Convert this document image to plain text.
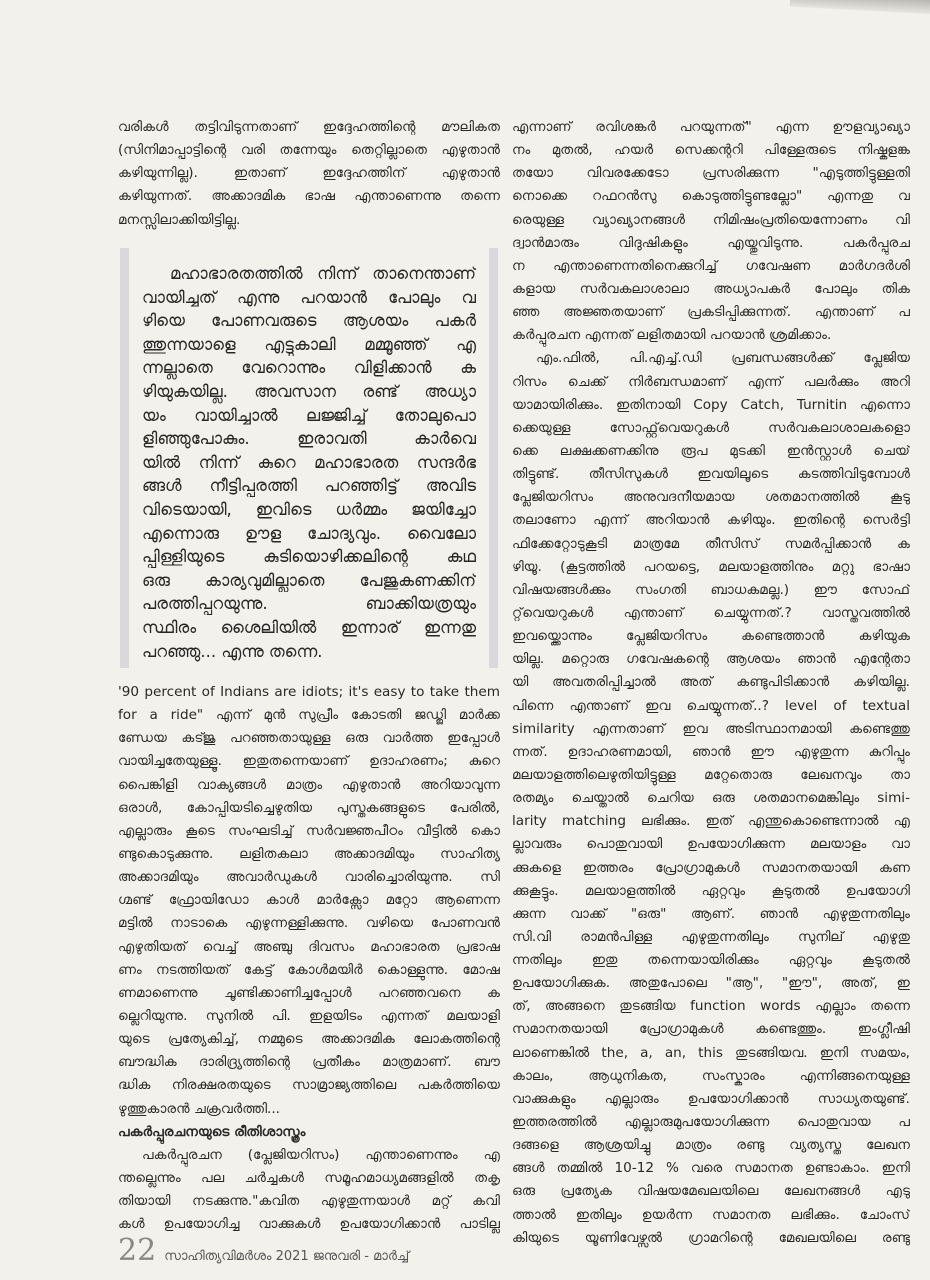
വരികൾ തട്ടിവിടുന്നതാണ് ഇദ്ദേഹത്തിന്റെ മൗലികത
(സിനിമാപ്പാട്ടിന്റെ വരി തന്നേയും തെറ്റില്ലാതെ എഴുതാൻ
കഴിയുന്നില്ല). ഇതാണ് ഇദ്ദേഹത്തിന് എഴുതാൻ
കഴിയുന്നത്. അക്കാദമിക ഭാഷ എന്താണെന്നു തന്നെ
മനസ്സിലാക്കിയിട്ടില്ല.
മഹാഭാരതത്തിൽ നിന്ന് താനെന്താണ്
വായിച്ചത് എന്നു പറയാൻ പോലും വ
ഴിയെ പോണവരുടെ ആശയം പകർ
ത്തുന്നയാളെ എട്ടുകാലി മമ്മൂഞ്ഞ് എ
ന്നല്ലാതെ വേറൊന്നും വിളിക്കാൻ ക
ഴിയുകയില്ല. അവസാന രണ്ട് അധ്യാ
യം വായിച്ചാൽ ലജ്ജിച്ച് തോലുപൊ
ളിഞ്ഞുപോകും. ഇരാവതി കാർവെ
യിൽ നിന്ന് കുറെ മഹാഭാരത സന്ദർഭ
ങ്ങൾ നീട്ടിപ്പരത്തി പറഞ്ഞിട്ട് അവിട
വിടെയായി, ഇവിടെ ധർമ്മം ജയിച്ചോ
എന്നൊരു ഊള ചോദ്യവും. വൈലോ
പ്പിള്ളിയുടെ കുടിയൊഴിക്കലിന്റെ കഥ
ഒരു കാര്യവുമില്ലാതെ പേജുകണക്കിന്
പരത്തിപ്പറയുന്നു. ബാക്കിയത്രയും
സ്ഥിരം ശൈലിയിൽ ഇന്നാര് ഇന്നതു
പറഞ്ഞു... എന്നു തന്നെ.
'90 percent of Indians are idiots; it's easy to take them
for a ride" എന്ന് മുൻ സുപ്രീം കോടതി ജഡ്ജി മാർക്ക
ണ്ഡേയ കട്ജു പറഞ്ഞതായുള്ള ഒരു വാർത്ത ഇപ്പോൾ
വായിച്ചതേയുള്ളൂ. ഇതുതന്നെയാണ് ഉദാഹരണം; കുറെ
പൈങ്കിളി വാക്യങ്ങൾ മാത്രം എഴുതാൻ അറിയാവുന്ന
ഒരാൾ, കോപ്പിയടിച്ചെഴുതിയ പുസ്തകങ്ങളുടെ പേരിൽ,
എല്ലാരും കൂടെ സംഘടിച്ച് സർവജ്ഞപീഠം വീട്ടിൽ കൊ
ണ്ടുകൊടുക്കുന്നു. ലളിതകലാ അക്കാദമിയും സാഹിത്യ
അക്കാദമിയും അവാർഡുകൾ വാരിച്ചൊരിയുന്നു. സി
ഗ്മണ്ട് ഫ്രോയിഡോ കാൾ മാർക്സോ മറ്റോ ആണെന്ന
മട്ടിൽ നാടാകെ എഴുന്നള്ളിക്കുന്നു. വഴിയെ പോണവൻ
എഴുതിയത് വെച്ച് അഞ്ചു ദിവസം മഹാഭാരത പ്രഭാഷ
ണം നടത്തിയത് കേട്ട് കോൾമയിർ കൊള്ളുന്നു. മോഷ
ണമാണെന്നു ചൂണ്ടിക്കാണിച്ചപ്പോൾ പറഞ്ഞവനെ ക
ല്ലെറിയുന്നു. സുനിൽ പി. ഇളയിടം എന്നത് മലയാളി
യുടെ പ്രത്യേകിച്ച്, നമ്മുടെ അക്കാദമിക ലോകത്തിന്റെ
ബൗദ്ധിക ദാരിദ്ര്യത്തിന്റെ പ്രതീകം മാത്രമാണ്. ബൗ
ദ്ധിക നിരക്ഷരതയുടെ സാമ്രാജ്യത്തിലെ പകർത്തിയെ
ഴുത്തുകാരൻ ചക്രവർത്തി...
പകർപ്പുരചനയുടെ രീതിശാസ്ത്രം
പകർപ്പുരചന (പ്ലേജിയറിസം) എന്താണെന്നും എ
ന്തല്ലെന്നും പല ചർച്ചകൾ സമൂഹമാധ്യമങ്ങളിൽ തകൃ
തിയായി നടക്കുന്നു."കവിത എഴുതുന്നയാൾ മറ്റ് കവി
കൾ ഉപയോഗിച്ച വാക്കുകൾ ഉപയോഗിക്കാൻ പാടില്ല
എന്നാണ് രവിശങ്കർ പറയുന്നത്" എന്ന ഊളവ്യാഖ്യാ
നം മുതൽ, ഹയർ സെക്കന്ററി പിള്ളേരുടെ നിഷ്കളങ്ക
തയോ വിവരക്കേടോ പ്രസരിക്കുന്ന "എടുത്തിട്ടുള്ളതി
നൊക്കെ റഫറൻസു കൊടുത്തിട്ടുണ്ടല്ലോ" എന്നതു വ
രെയുള്ള വ്യാഖ്യാനങ്ങൾ നിമിഷംപ്രതിയെന്നോണം വി
ദ്വാൻമാരും വിദുഷികളും എയ്തുവിടുന്നു. പകർപ്പുരച
ന എന്താണെന്നതിനെക്കുറിച്ച് ഗവേഷണ മാർഗദർശി
കളായ സർവകലാശാലാ അധ്യാപകർ പോലും തിക
ഞ്ഞ അജ്ഞതയാണ് പ്രകടിപ്പിക്കുന്നത്. എന്താണ് പ
കർപ്പുരചന എന്നത് ലളിതമായി പറയാൻ ശ്രമിക്കാം.
എം.ഫിൽ, പി.എച്ച്.ഡി പ്രബന്ധങ്ങൾക്ക് പ്ലേജിയ
റിസം ചെക്ക് നിർബന്ധമാണ് എന്ന് പലർക്കും അറി
യാമായിരിക്കും. ഇതിനായി Copy Catch, Turnitin എന്നൊ
ക്കെയുള്ള സോഫ്റ്റ്‌വെയറുകൾ സർവകലാശാലകളൊ
ക്കെ ലക്ഷക്കണക്കിനു രൂപ മുടക്കി ഇൻസ്റ്റാൾ ചെയ്
തിട്ടുണ്ട്. തീസിസുകൾ ഇവയിലൂടെ കടത്തിവിടുമ്പോൾ
പ്ലേജിയറിസം അനുവദനീയമായ ശതമാനത്തിൽ കൂടു
തലാണോ എന്ന് അറിയാൻ കഴിയും. ഇതിന്റെ സെർട്ടി
ഫിക്കേറ്റോടുകൂടി മാത്രമേ തീസിസ് സമർപ്പിക്കാൻ ക
ഴിയൂ. (കൂട്ടത്തിൽ പറയട്ടെ, മലയാളത്തിനും മറ്റു ഭാഷാ
വിഷയങ്ങൾക്കും സംഗതി ബാധകമല്ല.) ഈ സോഫ്
റ്റ്‌വെയറുകൾ എന്താണ് ചെയ്യുന്നത്.? വാസ്തവത്തിൽ
ഇവയ്ക്കൊന്നും പ്ലേജിയറിസം കണ്ടെത്താൻ കഴിയുക
യില്ല. മറ്റൊരു ഗവേഷകന്റെ ആശയം ഞാൻ എന്റേതാ
യി അവതരിപ്പിച്ചാൽ അത് കണ്ടുപിടിക്കാൻ കഴിയില്ല.
പിന്നെ എന്താണ് ഇവ ചെയ്യുന്നത്..? level of textual
similarity എന്നതാണ് ഇവ അടിസ്ഥാനമായി കണ്ടെത്തു
ന്നത്. ഉദാഹരണമായി, ഞാൻ ഈ എഴുതുന്ന കുറിപ്പും
മലയാളത്തിലെഴുതിയിട്ടുള്ള മറ്റേതൊരു ലേഖനവും താ
രതമ്യം ചെയ്താൽ ചെറിയ ഒരു ശതമാനമെങ്കിലും simi-
larity matching ലഭിക്കും. ഇത് എന്തുകൊണ്ടെന്നാൽ എ
ല്ലാവരും പൊതുവായി ഉപയോഗിക്കുന്ന മലയാളം വാ
ക്കുകളെ ഇത്തരം പ്രോഗ്രാമുകൾ സമാനതയായി കണ
ക്കുകൂട്ടും. മലയാളത്തിൽ ഏറ്റവും കൂടുതൽ ഉപയോഗി
ക്കുന്ന വാക്ക് "ഒരു" ആണ്. ഞാൻ എഴുതുന്നതിലും
സി.വി രാമൻപിള്ള എഴുതുന്നതിലും സുനില് എഴുതു
ന്നതിലും ഇതു തന്നെയായിരിക്കും ഏറ്റവും കൂടുതൽ
ഉപയോഗിക്കുക. അതുപോലെ "ആ", "ഈ", അത്, ഇ
ത്, അങ്ങനെ തുടങ്ങിയ function words എല്ലാം തന്നെ
സമാനതയായി പ്രോഗ്രാമുകൾ കണ്ടെത്തും. ഇംഗ്ലീഷി
ലാണെങ്കിൽ the, a, an, this തുടങ്ങിയവ. ഇനി സമയം,
കാലം, ആധുനികത, സംസ്കാരം എന്നിങ്ങനെയുള്ള
വാക്കുകളും എല്ലാരും ഉപയോഗിക്കാൻ സാധ്യതയുണ്ട്.
ഇത്തരത്തിൽ എല്ലാരുമുപയോഗിക്കുന്ന പൊതുവായ പ
ദങ്ങളെ ആശ്രയിച്ചു മാത്രം രണ്ടു വ്യത്യസ്ത ലേഖന
ങ്ങൾ തമ്മിൽ 10-12 % വരെ സമാനത ഉണ്ടാകാം. ഇനി
ഒരു പ്രത്യേക വിഷയമേഖലയിലെ ലേഖനങ്ങൾ എടു
ത്താൽ ഇതിലും ഉയർന്ന സമാനത ലഭിക്കും. ചോംസ്
കിയുടെ യൂണിവേഴ്സൽ ഗ്രാമറിന്റെ മേഖലയിലെ രണ്ടു
22 സാഹിത്യവിമർശം 2021 ജനുവരി - മാർച്ച്
